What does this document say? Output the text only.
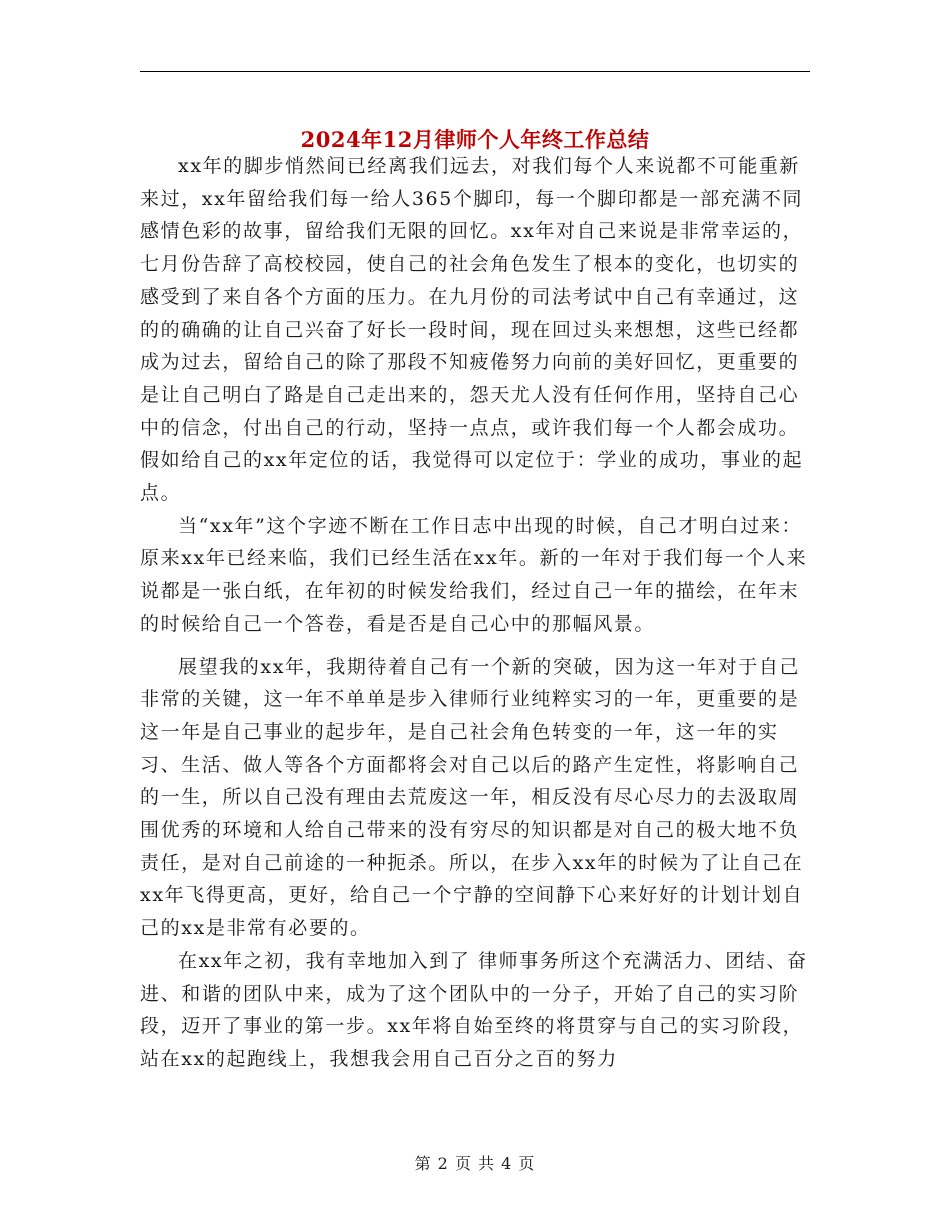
2024年12月律师个人年终工作总结

xx年的脚步悄然间已经离我们远去，对我们每个人来说都不可能重新来过，xx年留给我们每一给人365个脚印，每一个脚印都是一部充满不同感情色彩的故事，留给我们无限的回忆。xx年对自己来说是非常幸运的，七月份告辞了高校校园，使自己的社会角色发生了根本的变化，也切实的感受到了来自各个方面的压力。在九月份的司法考试中自己有幸通过，这的的确确的让自己兴奋了好长一段时间，现在回过头来想想，这些已经都成为过去，留给自己的除了那段不知疲倦努力向前的美好回忆，更重要的是让自己明白了路是自己走出来的，怨天尤人没有任何作用，坚持自己心中的信念，付出自己的行动，坚持一点点，或许我们每一个人都会成功。假如给自己的xx年定位的话，我觉得可以定位于：学业的成功，事业的起点。

当“xx年”这个字迹不断在工作日志中出现的时候，自己才明白过来：原来xx年已经来临，我们已经生活在xx年。新的一年对于我们每一个人来说都是一张白纸，在年初的时候发给我们，经过自己一年的描绘，在年末的时候给自己一个答卷，看是否是自己心中的那幅风景。

展望我的xx年，我期待着自己有一个新的突破，因为这一年对于自己非常的关键，这一年不单单是步入律师行业纯粹实习的一年，更重要的是这一年是自己事业的起步年，是自己社会角色转变的一年，这一年的实习、生活、做人等各个方面都将会对自己以后的路产生定性，将影响自己的一生，所以自己没有理由去荒废这一年，相反没有尽心尽力的去汲取周围优秀的环境和人给自己带来的没有穷尽的知识都是对自己的极大地不负责任，是对自己前途的一种扼杀。所以，在步入xx年的时候为了让自己在xx年飞得更高，更好，给自己一个宁静的空间静下心来好好的计划计划自己的xx是非常有必要的。

在xx年之初，我有幸地加入到了 律师事务所这个充满活力、团结、奋进、和谐的团队中来，成为了这个团队中的一分子，开始了自己的实习阶段，迈开了事业的第一步。xx年将自始至终的将贯穿与自己的实习阶段，站在xx的起跑线上，我想我会用自己百分之百的努力

第 2 页 共 4 页
